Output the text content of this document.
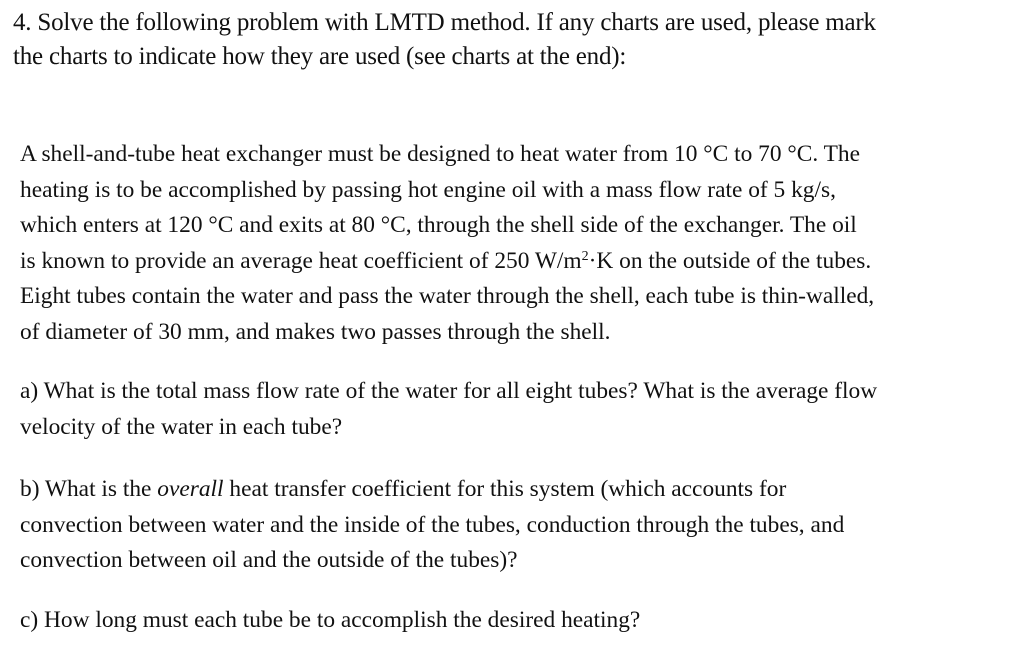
4. Solve the following problem with LMTD method. If any charts are used, please mark
the charts to indicate how they are used (see charts at the end):
A shell-and-tube heat exchanger must be designed to heat water from 10 °C to 70 °C. The
heating is to be accomplished by passing hot engine oil with a mass flow rate of 5 kg/s,
which enters at 120 °C and exits at 80 °C, through the shell side of the exchanger. The oil
is known to provide an average heat coefficient of 250 $W/m^2\cdot K$ on the outside of the tubes.
Eight tubes contain the water and pass the water through the shell, each tube is thin-walled,
of diameter of 30 mm, and makes two passes through the shell.
a) What is the total mass flow rate of the water for all eight tubes? What is the average flow
velocity of the water in each tube?
b) What is the overall heat transfer coefficient for this system (which accounts for
convection between water and the inside of the tubes, conduction through the tubes, and
convection between oil and the outside of the tubes)?
c) How long must each tube be to accomplish the desired heating?
